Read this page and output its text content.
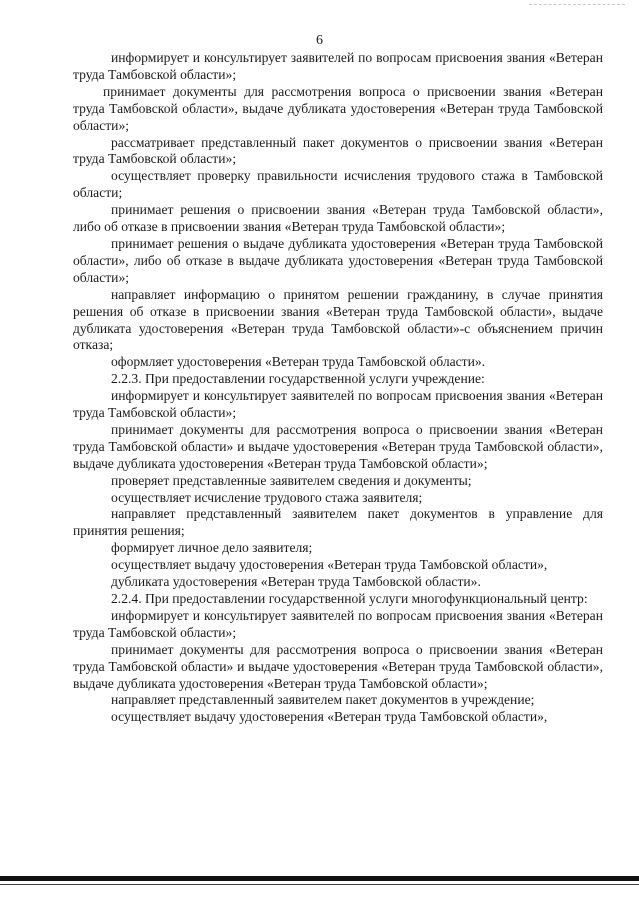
6

информирует и консультирует заявителей по вопросам присвоения звания «Ветеран труда Тамбовской области»;

принимает документы для рассмотрения вопроса о присвоении звания «Ветеран труда Тамбовской области», выдаче дубликата удостоверения «Ветеран труда Тамбовской области»;

рассматривает представленный пакет документов о присвоении звания «Ветеран труда Тамбовской области»;

осуществляет проверку правильности исчисления трудового стажа в Тамбовской области;

принимает решения о присвоении звания «Ветеран труда Тамбовской области», либо об отказе в присвоении звания «Ветеран труда Тамбовской области»;

принимает решения о выдаче дубликата удостоверения «Ветеран труда Тамбовской области», либо об отказе в выдаче дубликата удостоверения «Ветеран труда Тамбовской области»;

направляет информацию о принятом решении гражданину, в случае принятия решения об отказе в присвоении звания «Ветеран труда Тамбовской области», выдаче дубликата удостоверения «Ветеран труда Тамбовской области»-с объяснением причин отказа;

оформляет удостоверения «Ветеран труда Тамбовской области».

2.2.3. При предоставлении государственной услуги учреждение:

информирует и консультирует заявителей по вопросам присвоения звания «Ветеран труда Тамбовской области»;

принимает документы для рассмотрения вопроса о присвоении звания «Ветеран труда Тамбовской области» и выдаче удостоверения «Ветеран труда Тамбовской области», выдаче дубликата удостоверения «Ветеран труда Тамбовской области»;

проверяет представленные заявителем сведения и документы;

осуществляет исчисление трудового стажа заявителя;

направляет представленный заявителем пакет документов в управление для принятия решения;

формирует личное дело заявителя;

осуществляет выдачу удостоверения «Ветеран труда Тамбовской области»,

дубликата удостоверения «Ветеран труда Тамбовской области».

2.2.4. При предоставлении государственной услуги многофункциональный центр:

информирует и консультирует заявителей по вопросам присвоения звания «Ветеран труда Тамбовской области»;

принимает документы для рассмотрения вопроса о присвоении звания «Ветеран труда Тамбовской области» и выдаче удостоверения «Ветеран труда Тамбовской области», выдаче дубликата удостоверения «Ветеран труда Тамбовской области»;

направляет представленный заявителем пакет документов в учреждение;

осуществляет выдачу удостоверения «Ветеран труда Тамбовской области»,
